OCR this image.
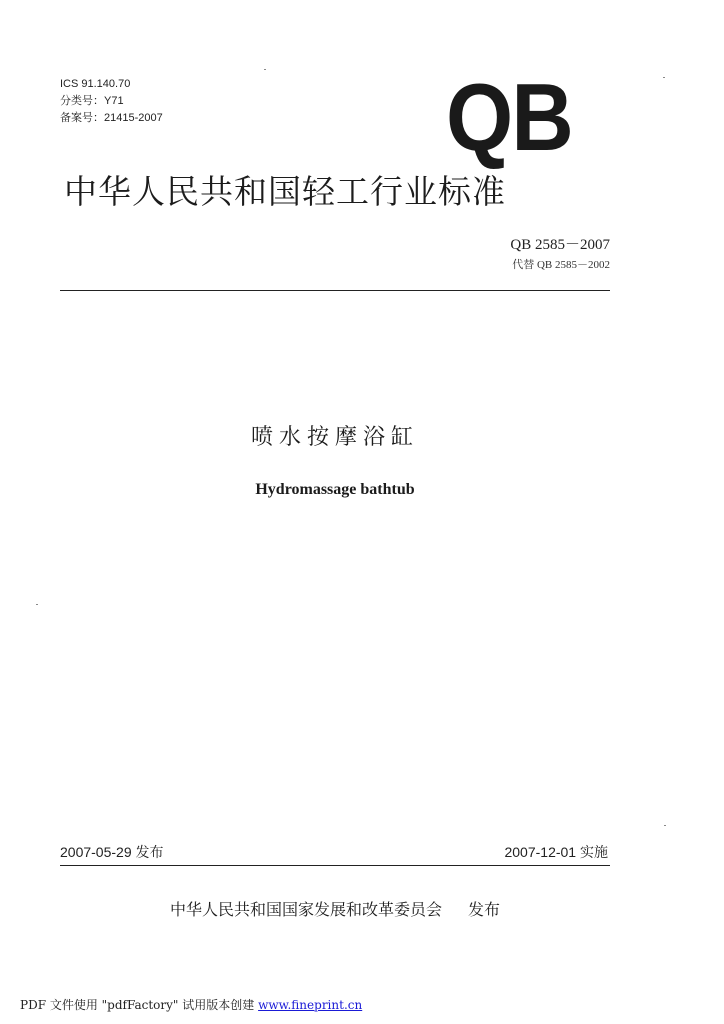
ICS 91.140.70
分类号：Y71
备案号：21415-2007	QB
中华人民共和国轻工行业标准
QB 2585－2007
代替 QB 2585－2002
喷水按摩浴缸
Hydromassage bathtub
2007-05-29 发布	2007-12-01 实施
中华人民共和国国家发展和改革委员会 发布
PDF 文件使用 "pdfFactory" 试用版本创建 www.fineprint.cn
